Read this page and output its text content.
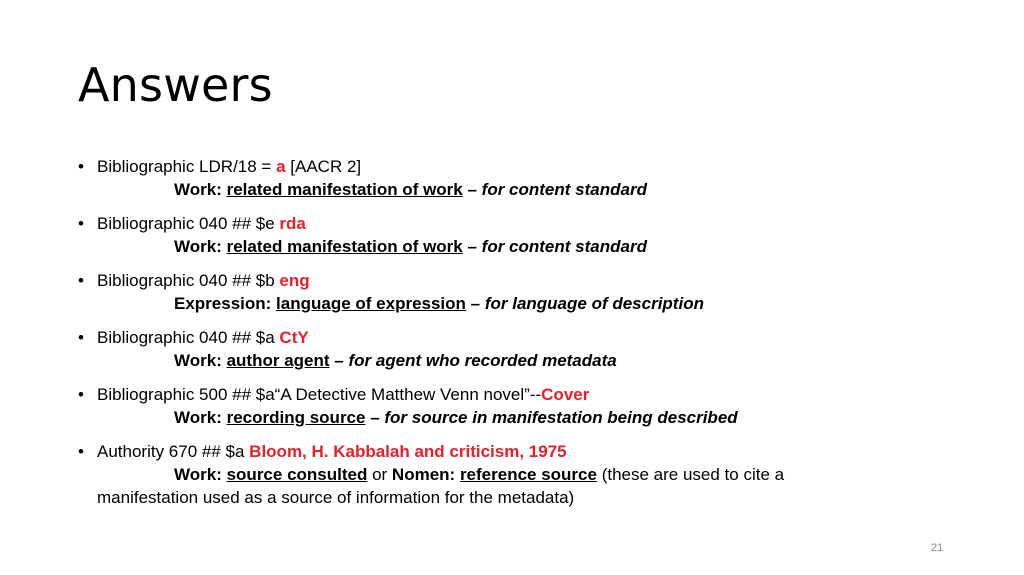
Answers
• Bibliographic LDR/18 = a [AACR 2]
Work: related manifestation of work – for content standard
• Bibliographic 040 ## $e rda
Work: related manifestation of work – for content standard
• Bibliographic 040 ## $b eng
Expression: language of expression – for language of description
• Bibliographic 040 ## $a CtY
Work: author agent – for agent who recorded metadata
• Bibliographic 500 ## $a“A Detective Matthew Venn novel”--Cover
Work: recording source – for source in manifestation being described
• Authority 670 ## $a Bloom, H. Kabbalah and criticism, 1975
Work: source consulted or Nomen: reference source (these are used to cite a
manifestation used as a source of information for the metadata)
21
